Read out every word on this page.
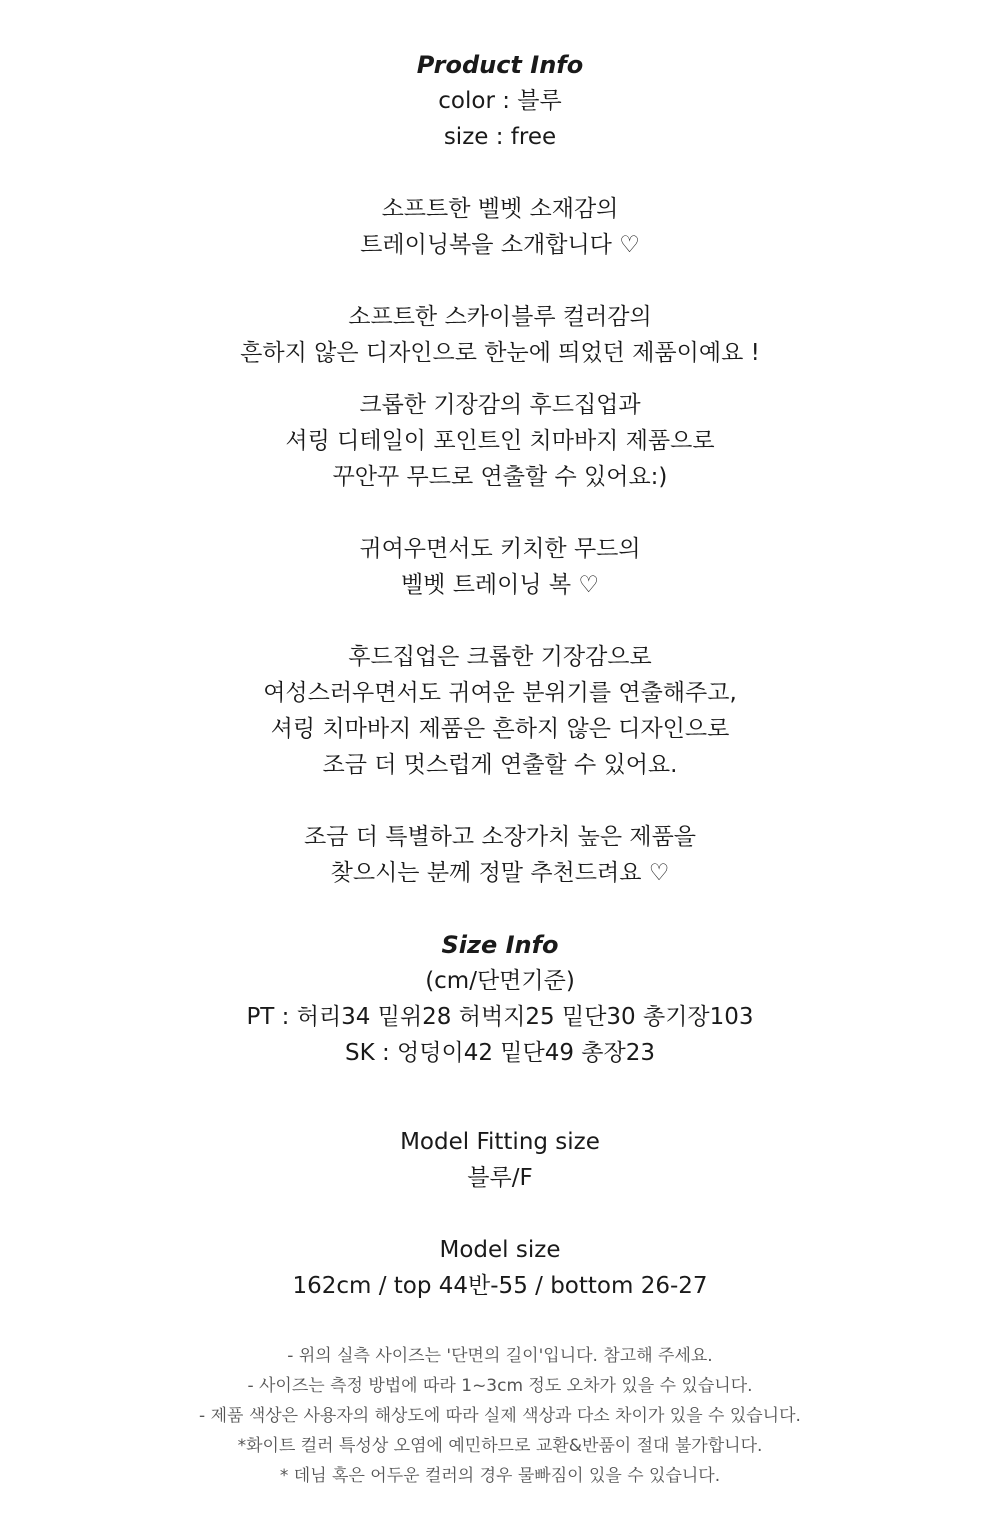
Product Info

color : 블루

size : free

소프트한 벨벳 소재감의

트레이닝복을 소개합니다 ♡

소프트한 스카이블루 컬러감의

흔하지 않은 디자인으로 한눈에 띄었던 제품이예요 !

크롭한 기장감의 후드집업과

셔링 디테일이 포인트인 치마바지 제품으로

꾸안꾸 무드로 연출할 수 있어요:)

귀여우면서도 키치한 무드의

벨벳 트레이닝 복 ♡

후드집업은 크롭한 기장감으로

여성스러우면서도 귀여운 분위기를 연출해주고,

셔링 치마바지 제품은 흔하지 않은 디자인으로

조금 더 멋스럽게 연출할 수 있어요.

조금 더 특별하고 소장가치 높은 제품을

찾으시는 분께 정말 추천드려요 ♡

Size Info

(cm/단면기준)

PT : 허리34 밑위28 허벅지25 밑단30 총기장103

SK : 엉덩이42 밑단49 총장23

Model Fitting size

블루/F

Model size

162cm / top 44반-55 / bottom 26-27

- 위의 실측 사이즈는 '단면의 길이'입니다. 참고해 주세요.

- 사이즈는 측정 방법에 따라 1~3cm 정도 오차가 있을 수 있습니다.

- 제품 색상은 사용자의 해상도에 따라 실제 색상과 다소 차이가 있을 수 있습니다.

*화이트 컬러 특성상 오염에 예민하므로 교환&반품이 절대 불가합니다.

* 데님 혹은 어두운 컬러의 경우 물빠짐이 있을 수 있습니다.
